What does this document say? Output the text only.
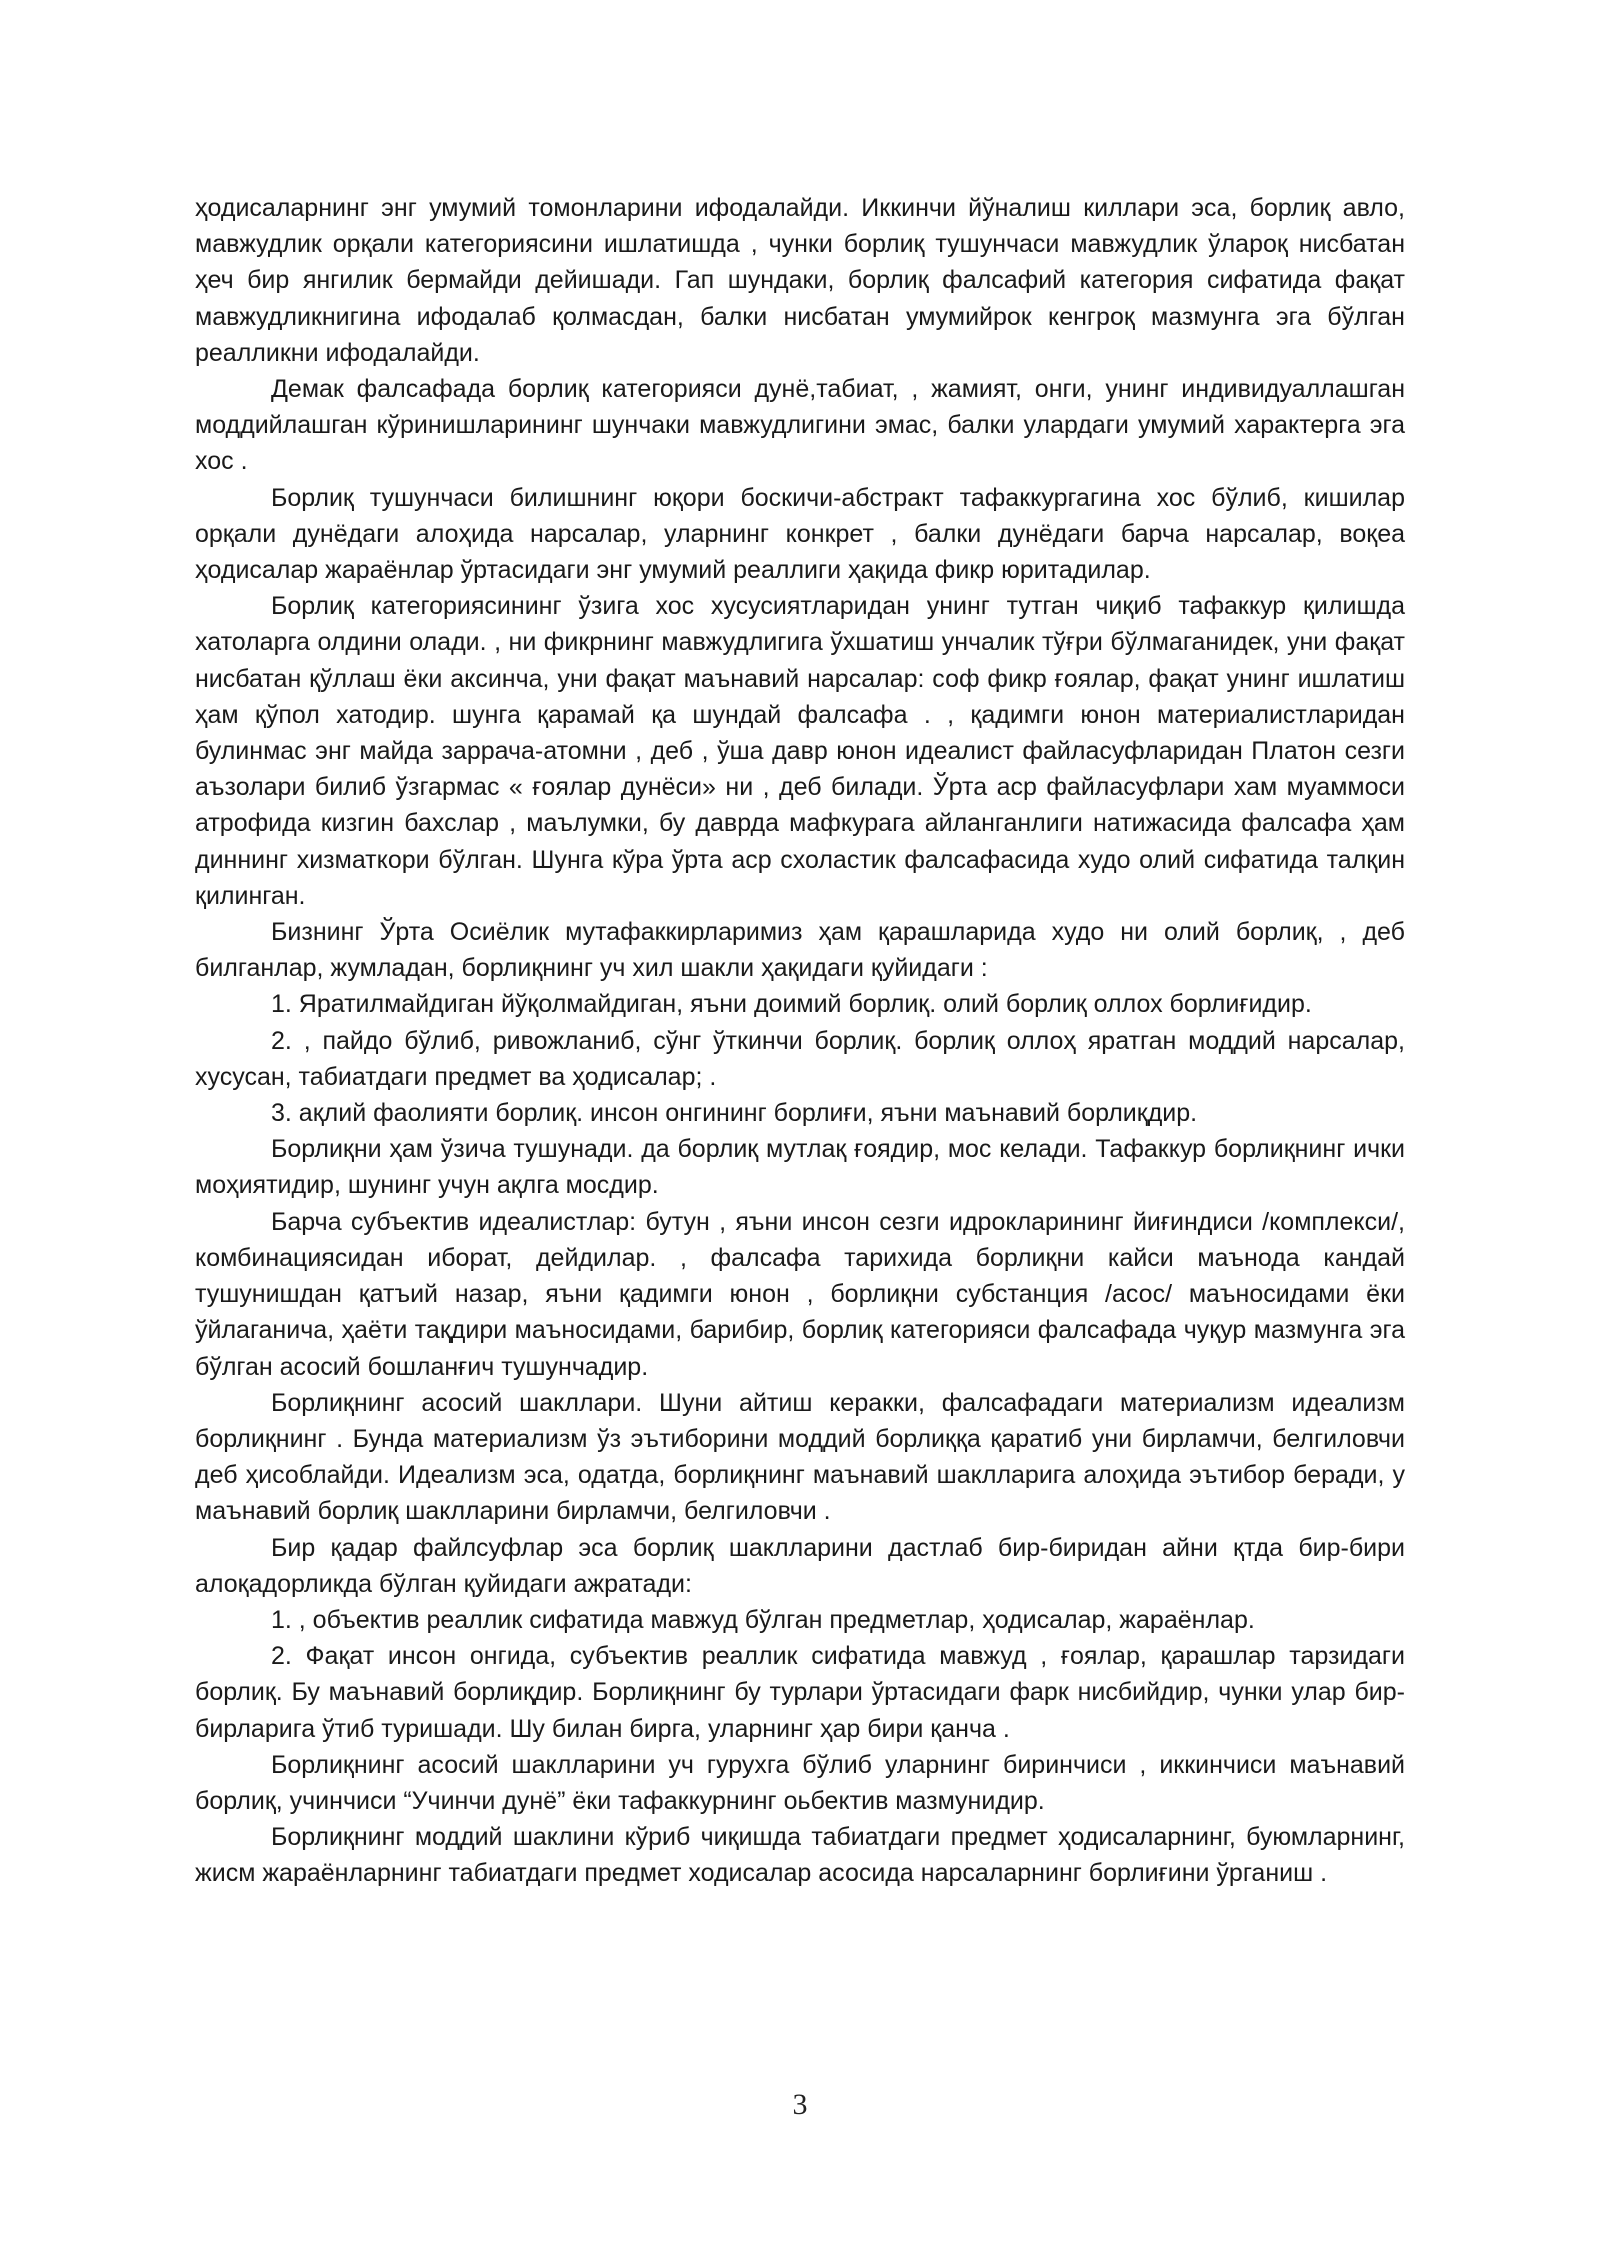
ҳодисаларнинг энг умумий томонларини ифодалайди. Иккинчи йўналиш киллари эса, борлиқ авло, мавжудлик орқали категориясини ишлатишда , чунки борлиқ тушунчаси мавжудлик ўлароқ нисбатан ҳеч бир янгилик бермайди дейишади. Гап шундаки, борлиқ фалсафий категория сифатида фақат мавжудликнигина ифодалаб қолмасдан, балки нисбатан умумийрок кенгроқ мазмунга эга бўлган реалликни ифодалайди.

Демак фалсафада борлиқ категорияси дунё,табиат, , жамият, онги, унинг индивидуаллашган моддийлашган кўринишларининг шунчаки мавжудлигини эмас, балки улардаги умумий характерга эга хос .

Борлиқ тушунчаси билишнинг юқори боскичи-абстракт тафаккургагина хос бўлиб, кишилар орқали дунёдаги алоҳида нарсалар, уларнинг конкрет , балки дунёдаги барча нарсалар, воқеа ҳодисалар жараёнлар ўртасидаги энг умумий реаллиги ҳақида фикр юритадилар.

Борлиқ категориясининг ўзига хос хусусиятларидан унинг тутган чиқиб тафаккур қилишда хатоларга олдини олади. , ни фикрнинг мавжудлигига ўхшатиш унчалик тўғри бўлмаганидек, уни фақат нисбатан қўллаш ёки аксинча, уни фақат маънавий нарсалар: соф фикр ғоялар, фақат унинг ишлатиш ҳам қўпол хатодир. шунга қарамай қа шундай фалсафа . , қадимги юнон материалистларидан булинмас энг майда заррача-атомни , деб , ўша давр юнон идеалист файласуфларидан Платон сезги аъзолари билиб ўзгармас « ғоялар дунёси» ни , деб билади. Ўрта аср файласуфлари хам муаммоси атрофида кизгин бахслар , маълумки, бу даврда мафкурага айланганлиги натижасида фалсафа ҳам диннинг хизматкори бўлган. Шунга кўра ўрта аср схоластик фалсафасида худо олий сифатида талқин қилинган.

Бизнинг Ўрта Осиёлик мутафаккирларимиз ҳам қарашларида худо ни олий борлиқ, , деб билганлар, жумладан, борлиқнинг уч хил шакли ҳақидаги қуйидаги :

1. Яратилмайдиган йўқолмайдиган, яъни доимий борлиқ. олий борлиқ оллох борлиғидир.

2. , пайдо бўлиб, ривожланиб, сўнг ўткинчи борлиқ. борлиқ оллоҳ яратган моддий нарсалар, хусусан, табиатдаги предмет ва ҳодисалар; .

3. ақлий фаолияти борлиқ. инсон онгининг борлиғи, яъни маънавий борлиқдир.

Борлиқни ҳам ўзича тушунади. да борлиқ мутлақ ғоядир, мос келади. Тафаккур борлиқнинг ички моҳиятидир, шунинг учун ақлга мосдир.

Барча субъектив идеалистлар: бутун , яъни инсон сезги идрокларининг йиғиндиси /комплекси/, комбинациясидан иборат, дейдилар. , фалсафа тарихида борлиқни кайси маънода кандай тушунишдан қатъий назар, яъни қадимги юнон , борлиқни субстанция /асос/ маъносидами ёки ўйлаганича, ҳаёти тақдири маъносидами, барибир, борлиқ категорияси фалсафада чуқур мазмунга эга бўлган асосий бошланғич тушунчадир.

Борлиқнинг асосий шакллари. Шуни айтиш керакки, фалсафадаги материализм идеализм борлиқнинг . Бунда материализм ўз эътиборини моддий борлиққа қаратиб уни бирламчи, белгиловчи деб ҳисоблайди. Идеализм эса, одатда, борлиқнинг маънавий шаклларига алоҳида эътибор беради, у маънавий борлиқ шаклларини бирламчи, белгиловчи .

Бир қадар файлсуфлар эса борлиқ шаклларини дастлаб бир-биридан айни қтда бир-бири алоқадорликда бўлган қуйидаги ажратади:

1. , объектив реаллик сифатида мавжуд бўлган предметлар, ҳодисалар, жараёнлар.

2. Фақат инсон онгида, субъектив реаллик сифатида мавжуд , ғоялар, қарашлар тарзидаги борлиқ. Бу маънавий борлиқдир. Борлиқнинг бу турлари ўртасидаги фарк нисбийдир, чунки улар бир-бирларига ўтиб туришади. Шу билан бирга, уларнинг ҳар бири қанча .

Борлиқнинг асосий шаклларини уч гурухга бўлиб уларнинг биринчиси , иккинчиси маънавий борлиқ, учинчиси “Учинчи дунё” ёки тафаккурнинг оьбектив мазмунидир.

Борлиқнинг моддий шаклини кўриб чиқишда табиатдаги предмет ҳодисаларнинг, буюмларнинг, жисм жараёнларнинг табиатдаги предмет ходисалар асосида нарсаларнинг борлиғини ўрганиш .

3
